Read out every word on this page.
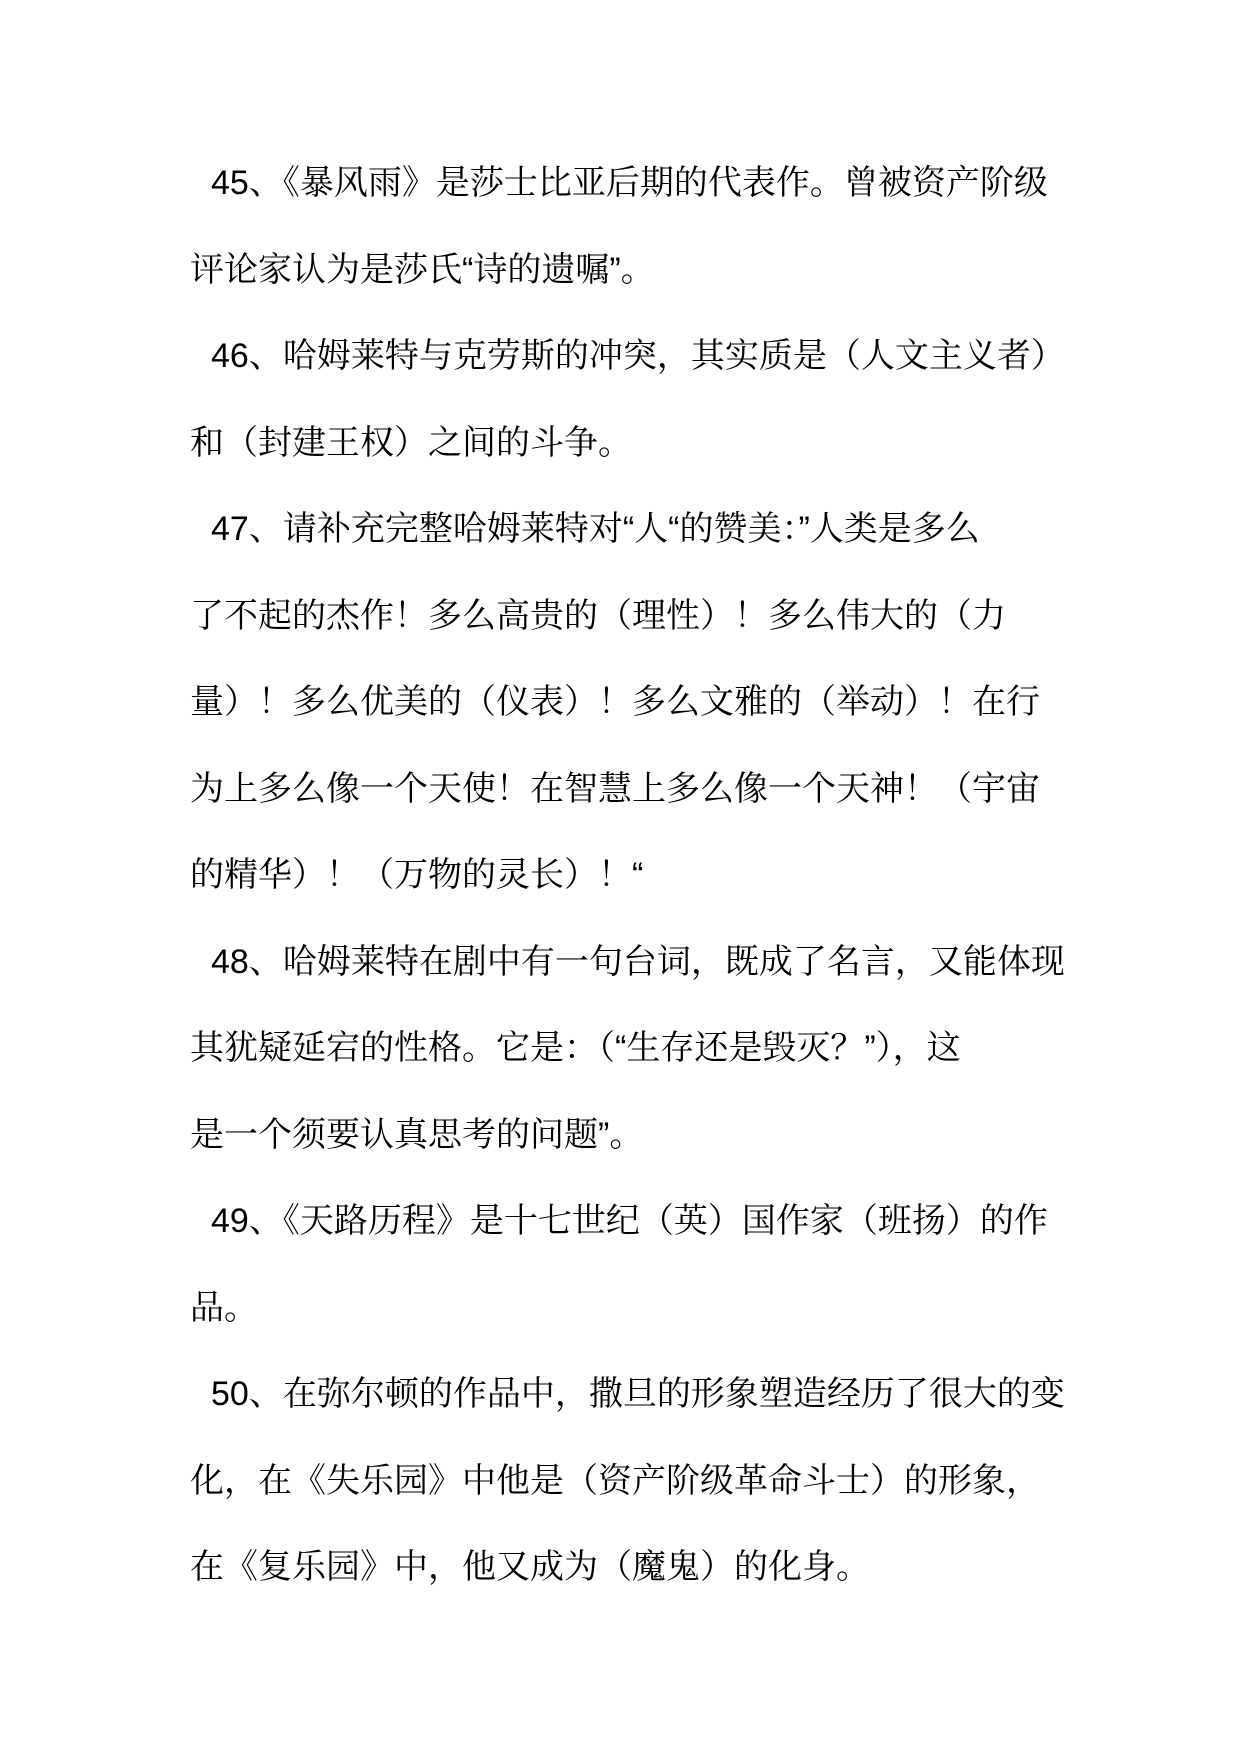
45、《暴风雨》是莎士比亚后期的代表作。曾被资产阶级
评论家认为是莎氏“诗的遗嘱”。
46、哈姆莱特与克劳斯的冲突，其实质是（人文主义者）
和（封建王权）之间的斗争。
47、请补充完整哈姆莱特对“人“的赞美：”人类是多么
了不起的杰作！多么高贵的（理性）！多么伟大的（力
量）！多么优美的（仪表）！多么文雅的（举动）！在行
为上多么像一个天使！在智慧上多么像一个天神！（宇宙
的精华）！（万物的灵长）！“
48、哈姆莱特在剧中有一句台词，既成了名言，又能体现
其犹疑延宕的性格。它是：（“生存还是毁灭？”），这
是一个须要认真思考的问题”。
49、《天路历程》是十七世纪（英）国作家（班扬）的作
品。
50、在弥尔顿的作品中，撒旦的形象塑造经历了很大的变
化，在《失乐园》中他是（资产阶级革命斗士）的形象，
在《复乐园》中，他又成为（魔鬼）的化身。
